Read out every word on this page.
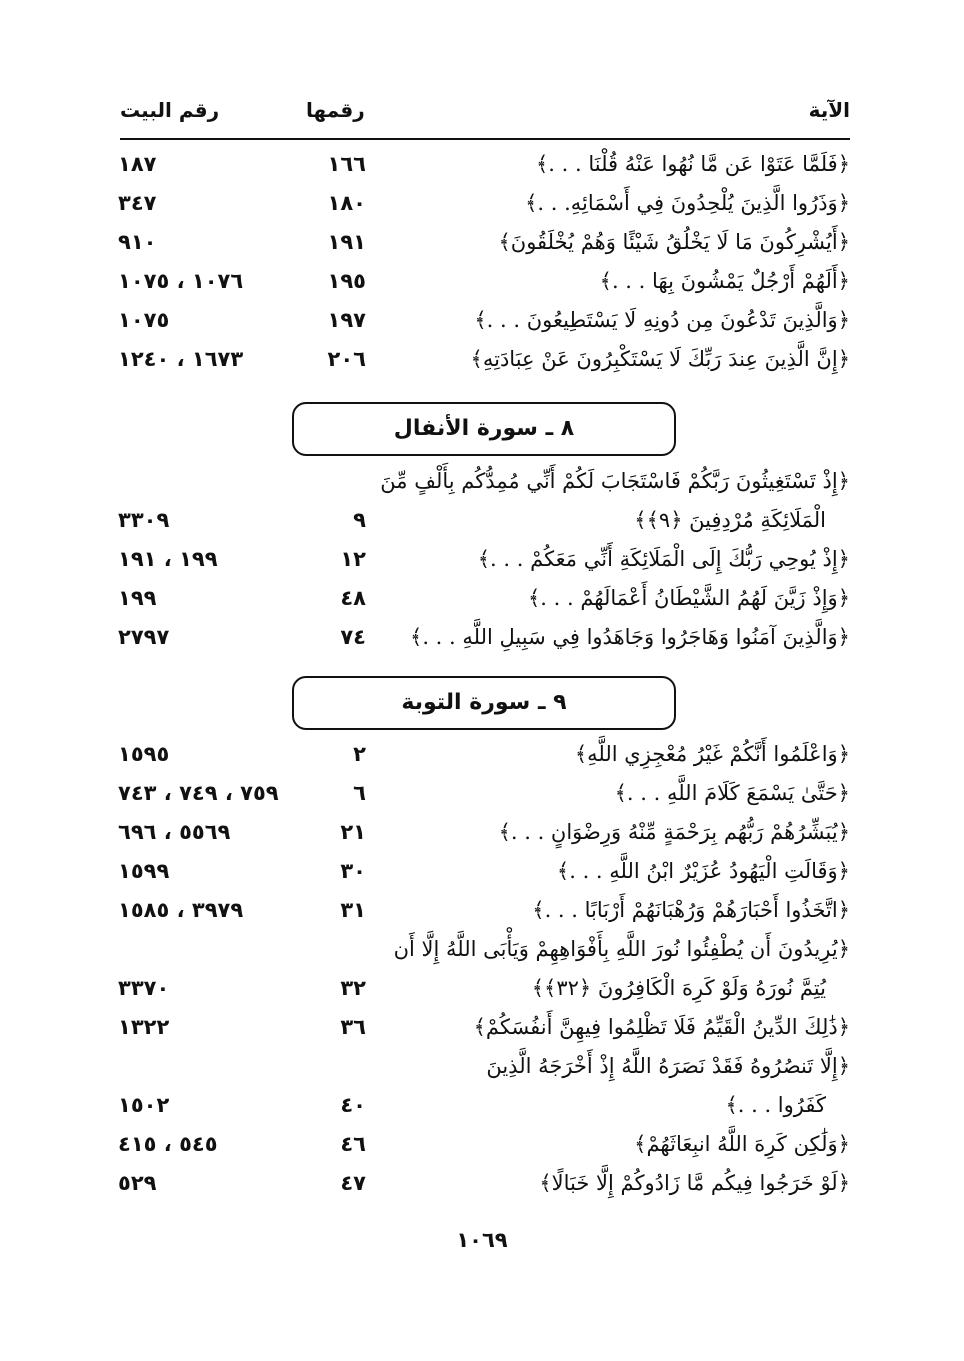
رقم البيت	رقمها	الآية
١٨٧	١٦٦	﴿فَلَمَّا عَتَوْا عَن مَّا نُهُوا عَنْهُ قُلْنَا . . .﴾
٣٤٧	١٨٠	﴿وَذَرُوا الَّذِينَ يُلْحِدُونَ فِي أَسْمَائِهِ. . .﴾
٩١٠	١٩١	﴿أَيُشْرِكُونَ مَا لَا يَخْلُقُ شَيْئًا وَهُمْ يُخْلَقُونَ﴾
١٠٧٦ ، ١٠٧٥	١٩٥	﴿أَلَهُمْ أَرْجُلٌ يَمْشُونَ بِهَا . . .﴾
١٠٧٥	١٩٧	﴿وَالَّذِينَ تَدْعُونَ مِن دُونِهِ لَا يَسْتَطِيعُونَ . . .﴾
١٦٧٣ ، ١٢٤٠	٢٠٦	﴿إِنَّ الَّذِينَ عِندَ رَبِّكَ لَا يَسْتَكْبِرُونَ عَنْ عِبَادَتِهِ﴾
٨ ـ سورة الأنفال
﴿إِذْ تَسْتَغِيثُونَ رَبَّكُمْ فَاسْتَجَابَ لَكُمْ أَنِّي مُمِدُّكُم بِأَلْفٍ مِّنَ
٣٣٠٩	٩	الْمَلَائِكَةِ مُرْدِفِينَ ﴿٩﴾﴾
١٩٩ ، ١٩١	١٢	﴿إِذْ يُوحِي رَبُّكَ إِلَى الْمَلَائِكَةِ أَنِّي مَعَكُمْ . . .﴾
١٩٩	٤٨	﴿وَإِذْ زَيَّنَ لَهُمُ الشَّيْطَانُ أَعْمَالَهُمْ . . .﴾
٢٧٩٧	٧٤	﴿وَالَّذِينَ آمَنُوا وَهَاجَرُوا وَجَاهَدُوا فِي سَبِيلِ اللَّهِ . . .﴾
٩ ـ سورة التوبة
١٥٩٥	٢	﴿وَاعْلَمُوا أَنَّكُمْ غَيْرُ مُعْجِزِي اللَّهِ﴾
٧٥٩ ، ٧٤٩ ، ٧٤٣	٦	﴿حَتَّىٰ يَسْمَعَ كَلَامَ اللَّهِ . . .﴾
٥٥٦٩ ، ٦٩٦	٢١	﴿يُبَشِّرُهُمْ رَبُّهُم بِرَحْمَةٍ مِّنْهُ وَرِضْوَانٍ . . .﴾
١٥٩٩	٣٠	﴿وَقَالَتِ الْيَهُودُ عُزَيْرٌ ابْنُ اللَّهِ . . .﴾
٣٩٧٩ ، ١٥٨٥	٣١	﴿اتَّخَذُوا أَحْبَارَهُمْ وَرُهْبَانَهُمْ أَرْبَابًا . . .﴾
﴿يُرِيدُونَ أَن يُطْفِئُوا نُورَ اللَّهِ بِأَفْوَاهِهِمْ وَيَأْبَى اللَّهُ إِلَّا أَن
٣٣٧٠	٣٢	يُتِمَّ نُورَهُ وَلَوْ كَرِهَ الْكَافِرُونَ ﴿٣٢﴾﴾
١٣٢٢	٣٦	﴿ذَٰلِكَ الدِّينُ الْقَيِّمُ فَلَا تَظْلِمُوا فِيهِنَّ أَنفُسَكُمْ﴾
﴿إِلَّا تَنصُرُوهُ فَقَدْ نَصَرَهُ اللَّهُ إِذْ أَخْرَجَهُ الَّذِينَ
١٥٠٢	٤٠	كَفَرُوا . . .﴾
٥٤٥ ، ٤١٥	٤٦	﴿وَلَٰكِن كَرِهَ اللَّهُ انبِعَاثَهُمْ﴾
٥٢٩	٤٧	﴿لَوْ خَرَجُوا فِيكُم مَّا زَادُوكُمْ إِلَّا خَبَالًا﴾
١٠٦٩
